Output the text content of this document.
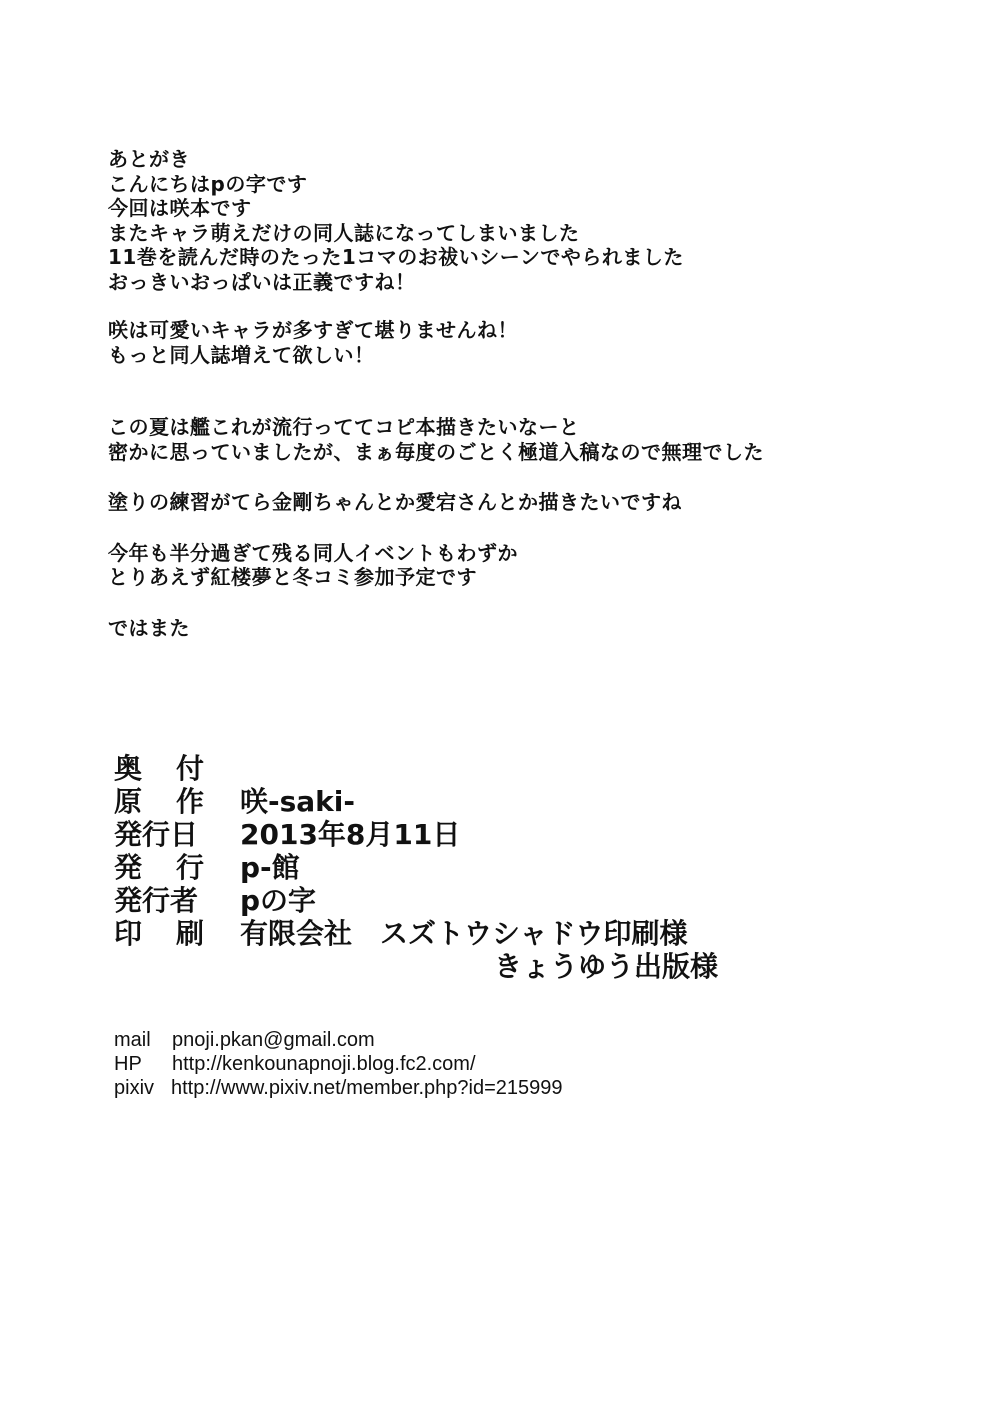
あとがき
こんにちはpの字です
今回は咲本です
またキャラ萌えだけの同人誌になってしまいました
11巻を読んだ時のたった1コマのお祓いシーンでやられました
おっきいおっぱいは正義ですね！
咲は可愛いキャラが多すぎて堪りませんね！
もっと同人誌増えて欲しい！
この夏は艦これが流行っててコピ本描きたいなーと
密かに思っていましたが、まぁ毎度のごとく極道入稿なので無理でした
塗りの練習がてら金剛ちゃんとか愛宕さんとか描きたいですね
今年も半分過ぎて残る同人イベントもわずか
とりあえず紅楼夢と冬コミ参加予定です
ではまた
奥付
原作 咲-saki-
発行日 2013年8月11日
発行 p-館
発行者 pの字
印刷 有限会社　スズトウシャドウ印刷様
きょうゆう出版様
mail pnoji.pkan@gmail.com
HP http://kenkounapnoji.blog.fc2.com/
pixiv http://www.pixiv.net/member.php?id=215999
